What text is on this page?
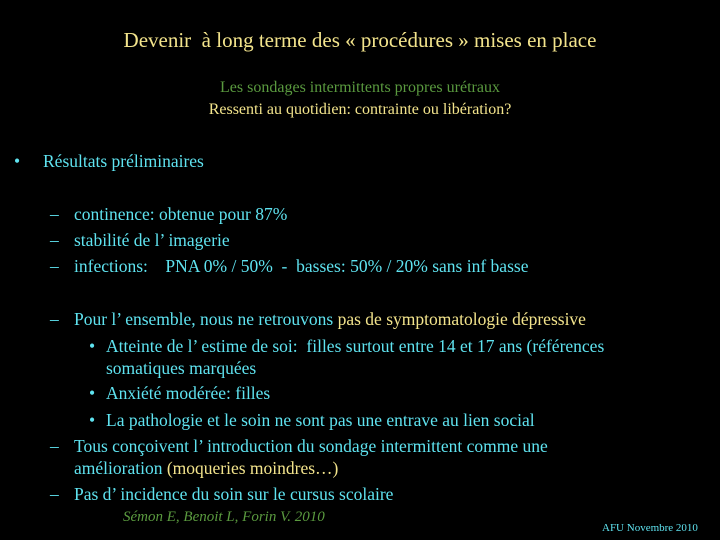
Devenir  à long terme des « procédures » mises en place
Les sondages intermittents propres urétraux
Ressenti au quotidien: contrainte ou libération?
• Résultats préliminaires
– continence: obtenue pour 87%
– stabilité de l’ imagerie
– infections:    PNA 0% / 50%  -  basses: 50% / 20% sans inf basse
– Pour l’ ensemble, nous ne retrouvons pas de symptomatologie dépressive
• Atteinte de l’ estime de soi:  filles surtout entre 14 et 17 ans (références
somatiques marquées
• Anxiété modérée: filles
• La pathologie et le soin ne sont pas une entrave au lien social
– Tous conçoivent l’ introduction du sondage intermittent comme une
amélioration (moqueries moindres…)
– Pas d’ incidence du soin sur le cursus scolaire
Sémon E, Benoit L, Forin V. 2010
AFU Novembre 2010
